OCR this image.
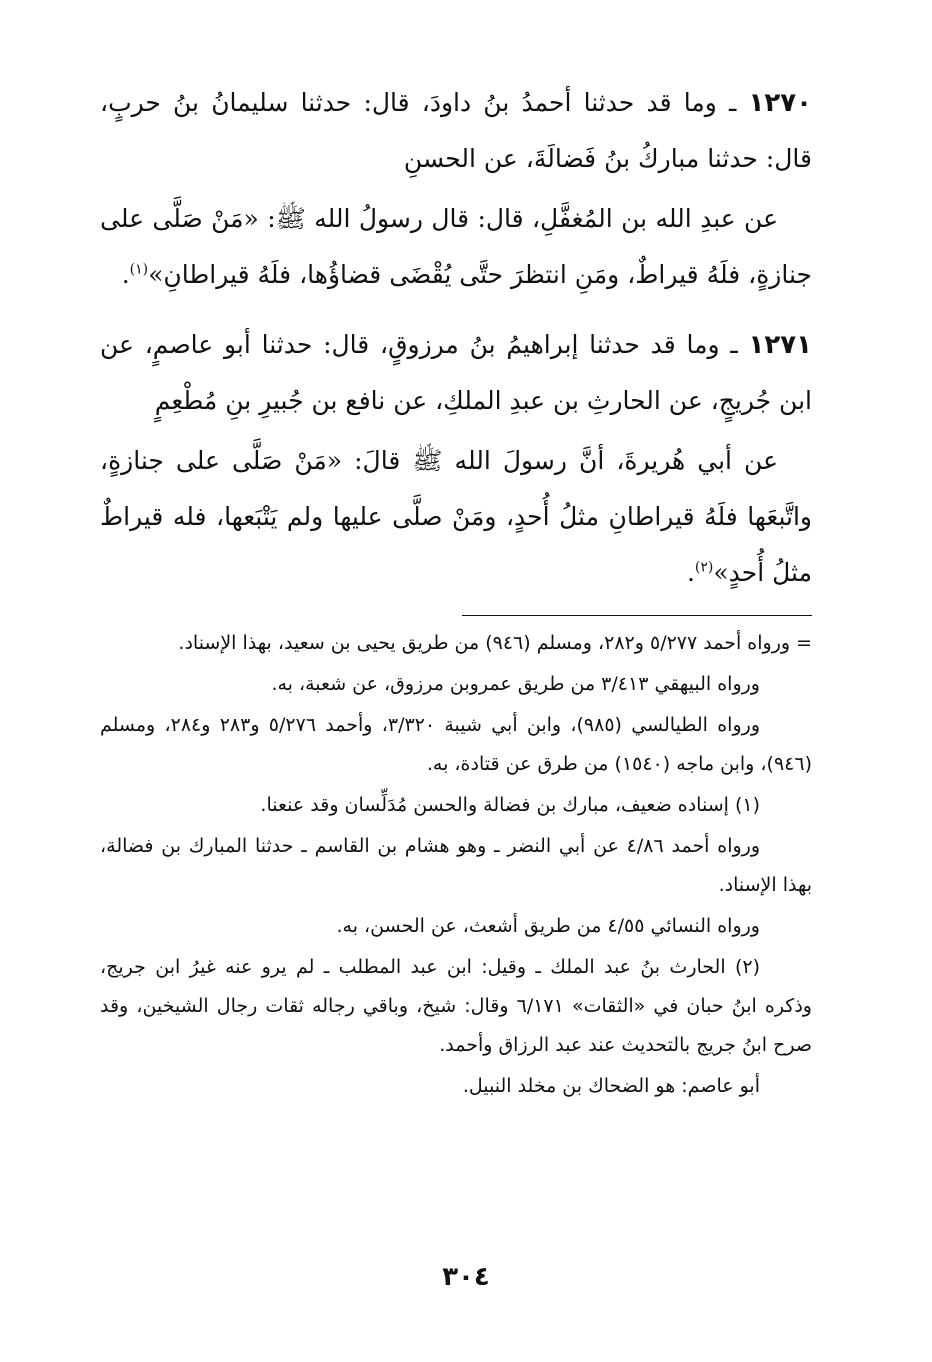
١٢٧٠ ـ وما قد حدثنا أحمدُ بنُ داودَ، قال: حدثنا سليمانُ بنُ حربٍ، قال: حدثنا مباركُ بنُ فَضالَةَ، عن الحسنِ

عن عبدِ الله بن المُغفَّلِ، قال: قال رسولُ الله ﷺ: «مَنْ صَلَّى على جنازةٍ، فلَهُ قيراطٌ، ومَنِ انتظرَ حتَّى يُقْضَى قضاؤُها، فلَهُ قيراطانِ»$^{(١)}$.

١٢٧١ ـ وما قد حدثنا إبراهيمُ بنُ مرزوقٍ، قال: حدثنا أبو عاصمٍ، عن ابن جُريجٍ، عن الحارثِ بن عبدِ الملكِ، عن نافع بن جُبيرِ بنِ مُطْعِمٍ

عن أبي هُريرةَ، أنَّ رسولَ الله ﷺ قالَ: «مَنْ صَلَّى على جنازةٍ، واتَّبعَها فلَهُ قيراطانِ مثلُ أُحدٍ، ومَنْ صلَّى عليها ولم يَتْبَعها، فله قيراطٌ مثلُ أُحدٍ»$^{(٢)}$.

= ورواه أحمد ٥/٢٧٧ و٢٨٢، ومسلم (٩٤٦) من طريق يحيى بن سعيد، بهذا الإسناد.

ورواه البيهقي ٣/٤١٣ من طريق عمروبن مرزوق، عن شعبة، به.

ورواه الطيالسي (٩٨٥)، وابن أبي شيبة ٣/٣٢٠، وأحمد ٥/٢٧٦ و٢٨٣ و٢٨٤، ومسلم (٩٤٦)، وابن ماجه (١٥٤٠) من طرق عن قتادة، به.

(١) إسناده ضعيف، مبارك بن فضالة والحسن مُدَلِّسان وقد عنعنا.

ورواه أحمد ٤/٨٦ عن أبي النضر ـ وهو هشام بن القاسم ـ حدثنا المبارك بن فضالة، بهذا الإسناد.

ورواه النسائي ٤/٥٥ من طريق أشعث، عن الحسن، به.

(٢) الحارث بنُ عبد الملك ـ وقيل: ابن عبد المطلب ـ لم يرو عنه غيرُ ابن جريج، وذكره ابنُ حبان في «الثقات» ٦/١٧١ وقال: شيخ، وباقي رجاله ثقات رجال الشيخين، وقد صرح ابنُ جريج بالتحديث عند عبد الرزاق وأحمد.

أبو عاصم: هو الضحاك بن مخلد النبيل.

٣٠٤
